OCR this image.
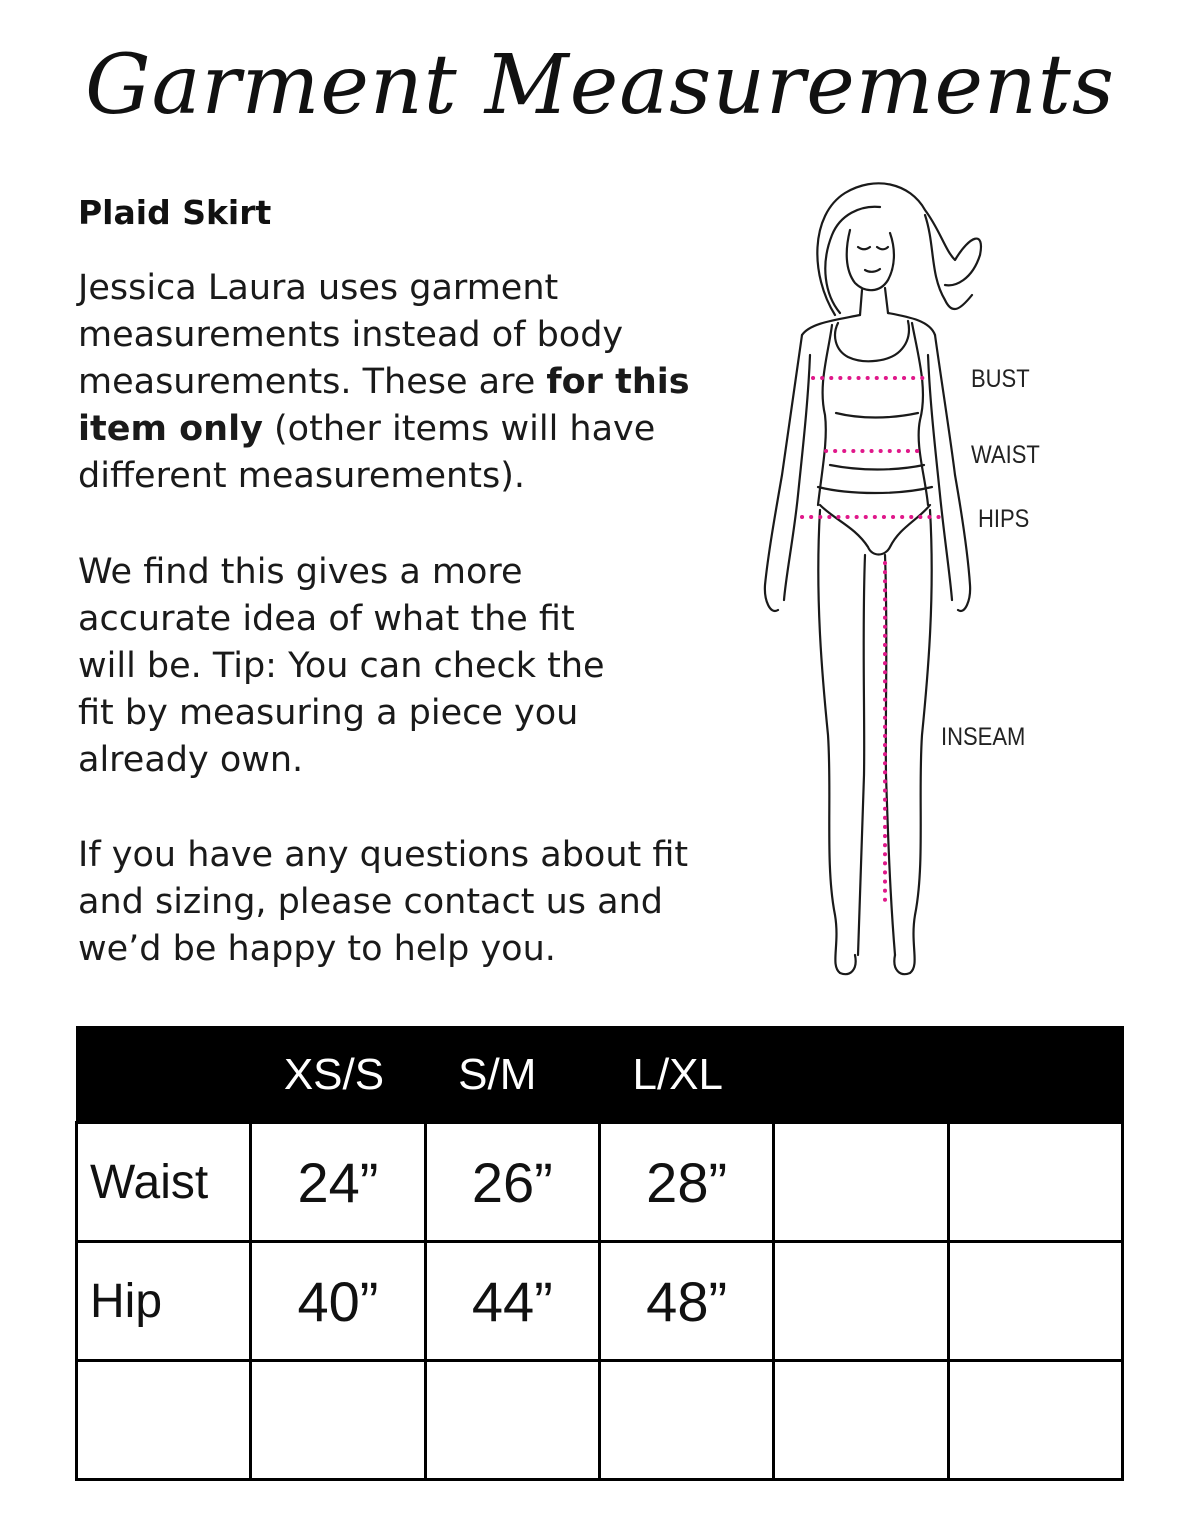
Garment Measurements
Plaid Skirt

Jessica Laura uses garment measurements instead of body measurements. These are for this item only (other items will have different measurements).

We find this gives a more accurate idea of what the fit will be. Tip: You can check the fit by measuring a piece you already own.

If you have any questions about fit and sizing, please contact us and we’d be happy to help you.

BUST
WAIST
HIPS
INSEAM
	XS/S	S/M	L/XL		
Waist	24”	26”	28”		
Hip	40”	44”	48”		
